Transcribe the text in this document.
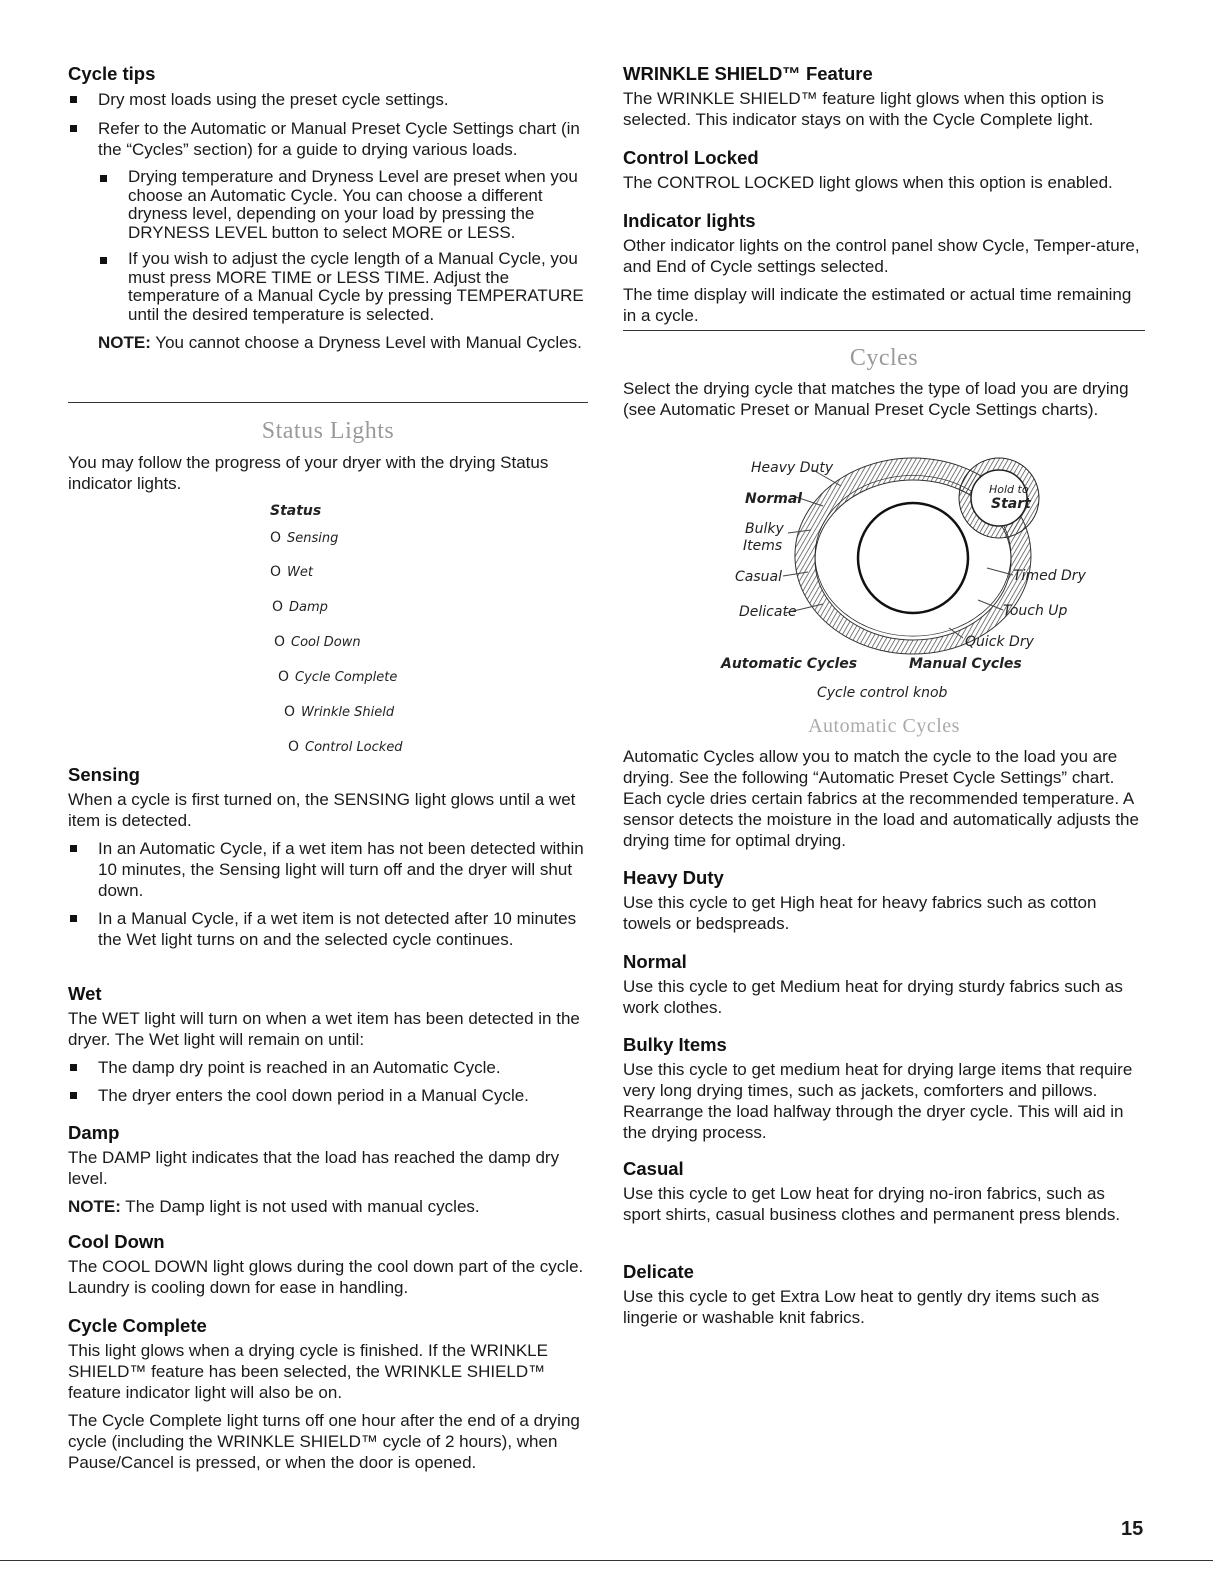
Cycle tips
Dry most loads using the preset cycle settings.
Refer to the Automatic or Manual Preset Cycle Settings chart (in the “Cycles” section) for a guide to drying various loads.
Drying temperature and Dryness Level are preset when you choose an Automatic Cycle. You can choose a different dryness level, depending on your load by pressing the DRYNESS LEVEL button to select MORE or LESS.
If you wish to adjust the cycle length of a Manual Cycle, you must press MORE TIME or LESS TIME. Adjust the temperature of a Manual Cycle by pressing TEMPERATURE until the desired temperature is selected.

NOTE: You cannot choose a Dryness Level with Manual Cycles.

Status Lights

You may follow the progress of your dryer with the drying Status indicator lights.

Status
O Sensing
O Wet
O Damp
O Cool Down
O Cycle Complete
O Wrinkle Shield
O Control Locked
Sensing

When a cycle is first turned on, the SENSING light glows until a wet item is detected.

In an Automatic Cycle, if a wet item has not been detected within 10 minutes, the Sensing light will turn off and the dryer will shut down.
In a Manual Cycle, if a wet item is not detected after 10 minutes the Wet light turns on and the selected cycle continues.
Wet

The WET light will turn on when a wet item has been detected in the dryer. The Wet light will remain on until:

The damp dry point is reached in an Automatic Cycle.
The dryer enters the cool down period in a Manual Cycle.
Damp

The DAMP light indicates that the load has reached the damp dry level.

NOTE: The Damp light is not used with manual cycles.

Cool Down

The COOL DOWN light glows during the cool down part of the cycle. Laundry is cooling down for ease in handling.

Cycle Complete

This light glows when a drying cycle is finished. If the WRINKLE SHIELD™ feature has been selected, the WRINKLE SHIELD™ feature indicator light will also be on.

The Cycle Complete light turns off one hour after the end of a drying cycle (including the WRINKLE SHIELD™ cycle of 2 hours), when Pause/Cancel is pressed, or when the door is opened.

WRINKLE SHIELD™ Feature

The WRINKLE SHIELD™ feature light glows when this option is selected. This indicator stays on with the Cycle Complete light.

Control Locked

The CONTROL LOCKED light glows when this option is enabled.

Indicator lights

Other indicator lights on the control panel show Cycle, Temper-ature, and End of Cycle settings selected.

The time display will indicate the estimated or actual time remaining in a cycle.

Cycles

Select the drying cycle that matches the type of load you are drying (see Automatic Preset or Manual Preset Cycle Settings charts).

Heavy Duty
Normal
Bulky
Items
Casual
Delicate
Hold to
Start
Timed Dry
Touch Up
Quick Dry
Automatic Cycles	Manual Cycles
Cycle control knob
Automatic Cycles

Automatic Cycles allow you to match the cycle to the load you are drying. See the following “Automatic Preset Cycle Settings” chart. Each cycle dries certain fabrics at the recommended temperature. A sensor detects the moisture in the load and automatically adjusts the drying time for optimal drying.

Heavy Duty

Use this cycle to get High heat for heavy fabrics such as cotton towels or bedspreads.

Normal

Use this cycle to get Medium heat for drying sturdy fabrics such as work clothes.

Bulky Items

Use this cycle to get medium heat for drying large items that require very long drying times, such as jackets, comforters and pillows. Rearrange the load halfway through the dryer cycle. This will aid in the drying process.

Casual

Use this cycle to get Low heat for drying no-iron fabrics, such as sport shirts, casual business clothes and permanent press blends.

Delicate

Use this cycle to get Extra Low heat to gently dry items such as lingerie or washable knit fabrics.

15
